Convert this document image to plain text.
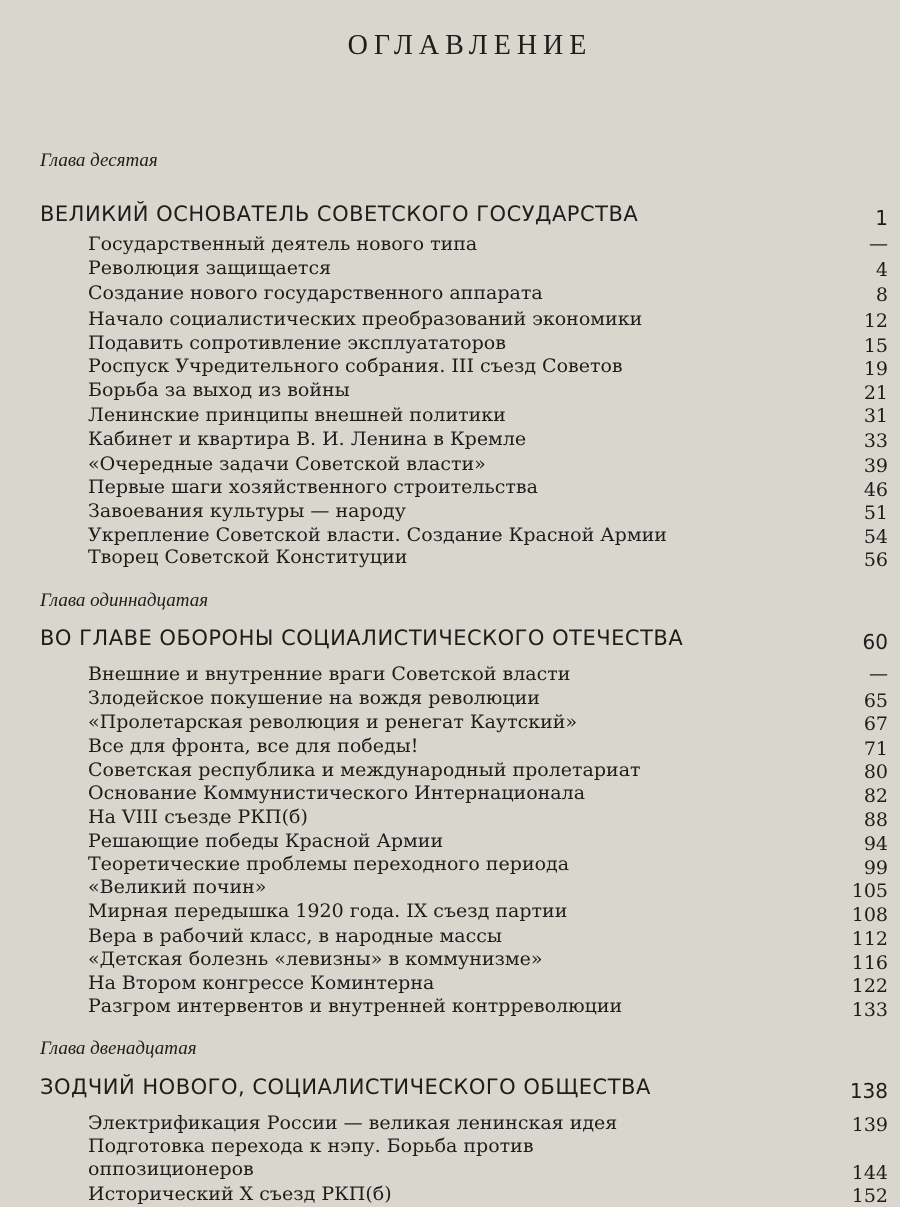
ОГЛАВЛЕНИЕ
Глава десятая
ВЕЛИКИЙ ОСНОВАТЕЛЬ СОВЕТСКОГО ГОСУДАРСТВА	1
Государственный деятель нового типа	—
Революция защищается	4
Создание нового государственного аппарата	8
Начало социалистических преобразований экономики	12
Подавить сопротивление эксплуататоров	15
Роспуск Учредительного собрания. III съезд Советов	19
Борьба за выход из войны	21
Ленинские принципы внешней политики	31
Кабинет и квартира В. И. Ленина в Кремле	33
«Очередные задачи Советской власти»	39
Первые шаги хозяйственного строительства	46
Завоевания культуры — народу	51
Укрепление Советской власти. Создание Красной Армии	54
Творец Советской Конституции	56
Глава одиннадцатая
ВО ГЛАВЕ ОБОРОНЫ СОЦИАЛИСТИЧЕСКОГО ОТЕЧЕСТВА	60
Внешние и внутренние враги Советской власти	—
Злодейское покушение на вождя революции	65
«Пролетарская революция и ренегат Каутский»	67
Все для фронта, все для победы!	71
Советская республика и международный пролетариат	80
Основание Коммунистического Интернационала	82
На VIII съезде РКП(б)	88
Решающие победы Красной Армии	94
Теоретические проблемы переходного периода	99
«Великий почин»	105
Мирная передышка 1920 года. IX съезд партии	108
Вера в рабочий класс, в народные массы	112
«Детская болезнь «левизны» в коммунизме»	116
На Втором конгрессе Коминтерна	122
Разгром интервентов и внутренней контрреволюции	133
Глава двенадцатая
ЗОДЧИЙ НОВОГО, СОЦИАЛИСТИЧЕСКОГО ОБЩЕСТВА	138
Электрификация России — великая ленинская идея	139
Подготовка перехода к нэпу. Борьба против оппозиционеров	144
Исторический X съезд РКП(б)	152
